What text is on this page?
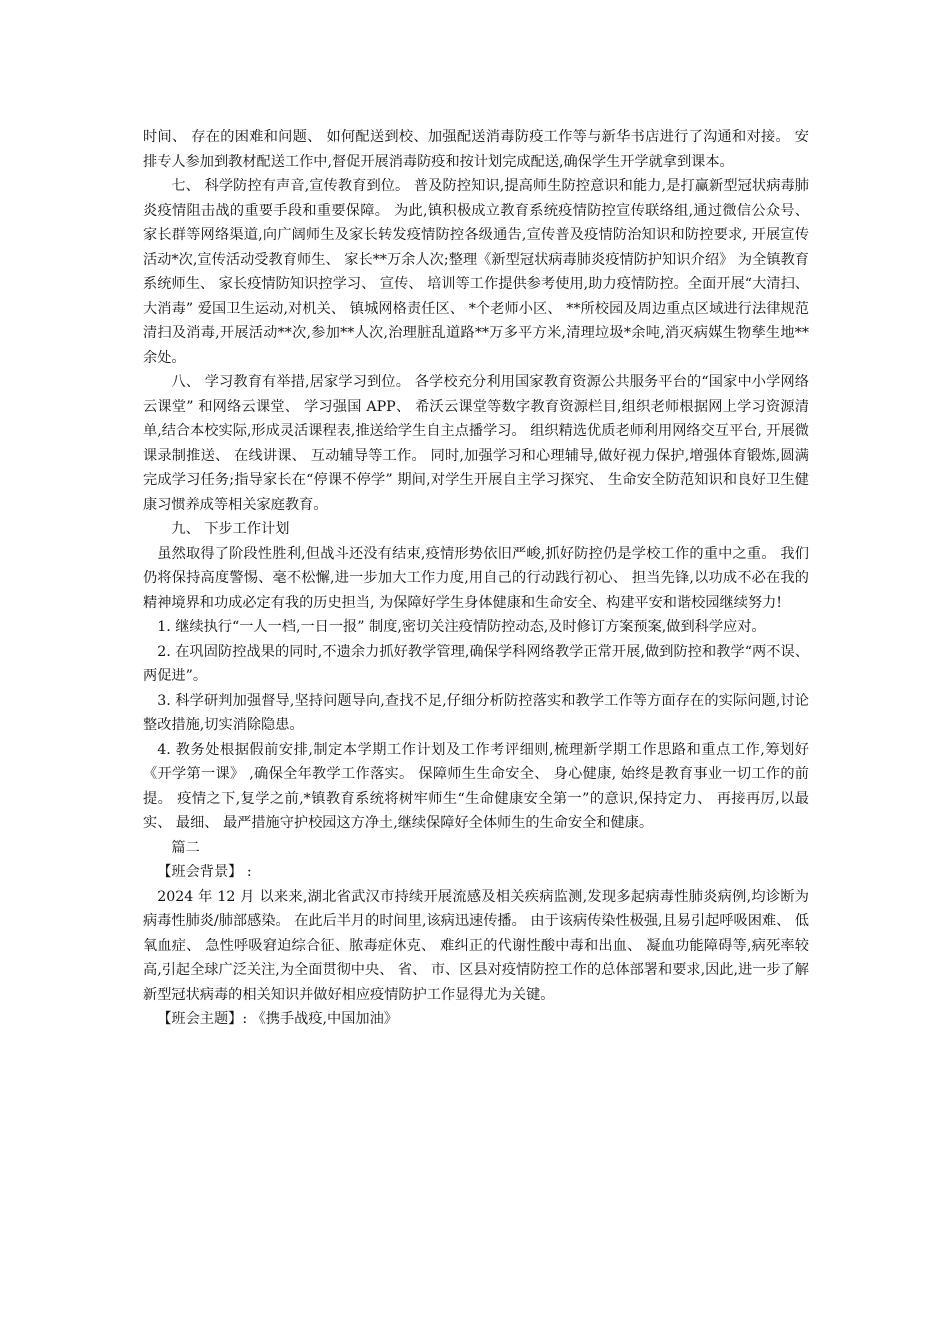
时间、 存在的困难和问题、 如何配送到校、加强配送消毒防疫工作等与新华书店进行了沟通和对接。 安排专人参加到教材配送工作中,督促开展消毒防疫和按计划完成配送,确保学生开学就拿到课本。

七、 科学防控有声音,宣传教育到位。 普及防控知识,提高师生防控意识和能力,是打赢新型冠状病毒肺炎疫情阻击战的重要手段和重要保障。 为此,镇积极成立教育系统疫情防控宣传联络组,通过微信公众号、 家长群等网络渠道,向广阔师生及家长转发疫情防控各级通告,宣传普及疫情防治知识和防控要求, 开展宣传活动*次,宣传活动受教育师生、 家长**万余人次;整理《新型冠状病毒肺炎疫情防护知识介绍》 为全镇教育系统师生、 家长疫情防知识控学习、 宣传、 培训等工作提供参考使用,助力疫情防控。全面开展“大清扫、 大消毒” 爱国卫生运动,对机关、 镇城网格责任区、 *个老师小区、 **所校园及周边重点区域进行法律规范清扫及消毒,开展活动**次,参加**人次,治理脏乱道路**万多平方米,清理垃圾*余吨,消灭病媒生物孳生地**余处。

八、 学习教育有举措,居家学习到位。 各学校充分利用国家教育资源公共服务平台的“国家中小学网络云课堂” 和网络云课堂、 学习强国 APP、 希沃云课堂等数字教育资源栏目,组织老师根据网上学习资源清单,结合本校实际,形成灵活课程表,推送给学生自主点播学习。 组织精选优质老师利用网络交互平台, 开展微课录制推送、 在线讲课、 互动辅导等工作。 同时,加强学习和心理辅导,做好视力保护,增强体育锻炼,圆满完成学习任务;指导家长在“停课不停学” 期间,对学生开展自主学习探究、 生命安全防范知识和良好卫生健康习惯养成等相关家庭教育。

九、 下步工作计划

虽然取得了阶段性胜利,但战斗还没有结束,疫情形势依旧严峻,抓好防控仍是学校工作的重中之重。 我们仍将保持高度警惕、毫不松懈,进一步加大工作力度,用自己的行动践行初心、 担当先锋,以功成不必在我的精神境界和功成必定有我的历史担当, 为保障好学生身体健康和生命安全、构建平安和谐校园继续努力!

1. 继续执行“一人一档,一日一报” 制度,密切关注疫情防控动态,及时修订方案预案,做到科学应对。

2. 在巩固防控战果的同时,不遗余力抓好教学管理,确保学科网络教学正常开展,做到防控和教学“两不误、两促进”。

3. 科学研判加强督导,坚持问题导向,查找不足,仔细分析防控落实和教学工作等方面存在的实际问题,讨论整改措施,切实消除隐患。

4. 教务处根据假前安排,制定本学期工作计划及工作考评细则,梳理新学期工作思路和重点工作,筹划好《开学第一课》 ,确保全年教学工作落实。 保障师生生命安全、 身心健康, 始终是教育事业一切工作的前提。 疫情之下,复学之前,*镇教育系统将树牢师生“生命健康安全第一”的意识,保持定力、 再接再厉,以最实、 最细、 最严措施守护校园这方净土,继续保障好全体师生的生命安全和健康。

篇二

【班会背景】 :

2024 年 12 月 以来来,湖北省武汉市持续开展流感及相关疾病监测,发现多起病毒性肺炎病例,均诊断为病毒性肺炎/肺部感染。 在此后半月的时间里,该病迅速传播。 由于该病传染性极强,且易引起呼吸困难、 低氧血症、 急性呼吸窘迫综合征、脓毒症休克、 难纠正的代谢性酸中毒和出血、 凝血功能障碍等,病死率较高,引起全球广泛关注,为全面贯彻中央、 省、 市、区县对疫情防控工作的总体部署和要求,因此,进一步了解新型冠状病毒的相关知识并做好相应疫情防护工作显得尤为关键。

【班会主题】: 《携手战疫,中国加油》
